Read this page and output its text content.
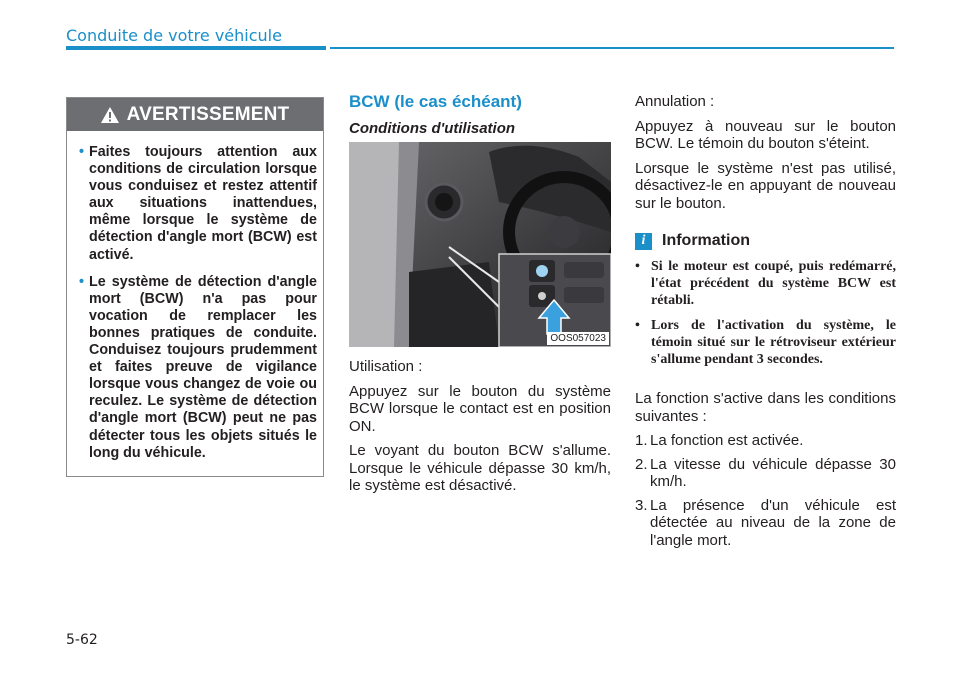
Conduite de votre véhicule
AVERTISSEMENT
• Faites toujours attention aux conditions de circulation lorsque vous conduisez et restez attentif aux situations inattendues, même lorsque le système de détection d'angle mort (BCW) est activé.
• Le système de détection d'angle mort (BCW) n'a pas pour vocation de remplacer les bonnes pratiques de conduite. Conduisez toujours prudemment et faites preuve de vigilance lorsque vous changez de voie ou reculez. Le système de détection d'angle mort (BCW) peut ne pas détecter tous les objets situés le long du véhicule.
BCW (le cas échéant)
Conditions d'utilisation
OOS057023

Utilisation :

Appuyez sur le bouton du système BCW lorsque le contact est en position ON.

Le voyant du bouton BCW s'allume. Lorsque le véhicule dépasse 30 km/h, le système est désactivé.

Annulation :

Appuyez à nouveau sur le bouton BCW. Le témoin du bouton s'éteint.

Lorsque le système n'est pas utilisé, désactivez-le en appuyant de nouveau sur le bouton.

i	Information
• Si le moteur est coupé, puis redémarré, l'état précédent du système BCW est rétabli.
• Lors de l'activation du système, le témoin situé sur le rétroviseur extérieur s'allume pendant 3 secondes.

La fonction s'active dans les conditions suivantes :

1. La fonction est activée.
2. La vitesse du véhicule dépasse 30 km/h.
3. La présence d'un véhicule est détectée au niveau de la zone de l'angle mort.
5-62
